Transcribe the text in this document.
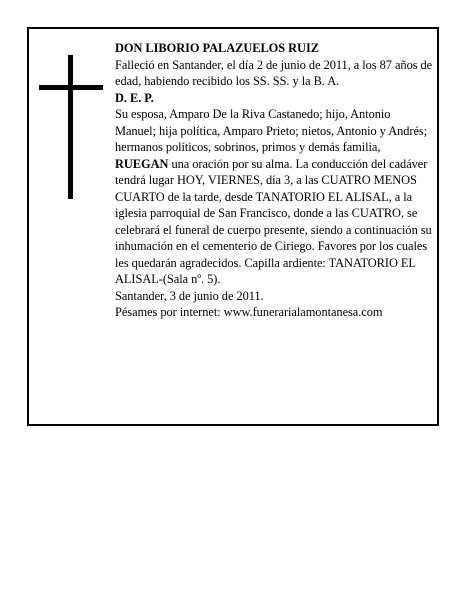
DON LIBORIO PALAZUELOS RUIZ

Falleció en Santander, el día 2 de junio de 2011, a los 87 años de edad, habiendo recibido los SS. SS. y la B. A.

D. E. P.

Su esposa, Amparo De la Riva Castanedo; hijo, Antonio Manuel; hija política, Amparo Prieto; nietos, Antonio y Andrés; hermanos políticos, sobrinos, primos y demás familia,

RUEGAN una oración por su alma. La conducción del cadáver tendrá lugar HOY, VIERNES, día 3, a las CUATRO MENOS CUARTO de la tarde, desde TANATORIO EL ALISAL, a la iglesia parroquial de San Francisco, donde a las CUATRO, se celebrará el funeral de cuerpo presente, siendo a continuación su inhumación en el cementerio de Ciriego. Favores por los cuales les quedarán agradecidos. Capilla ardiente: TANATORIO EL ALISAL-(Sala nº. 5).

Santander, 3 de junio de 2011.

Pésames por internet: www.funerarialamontanesa.com
